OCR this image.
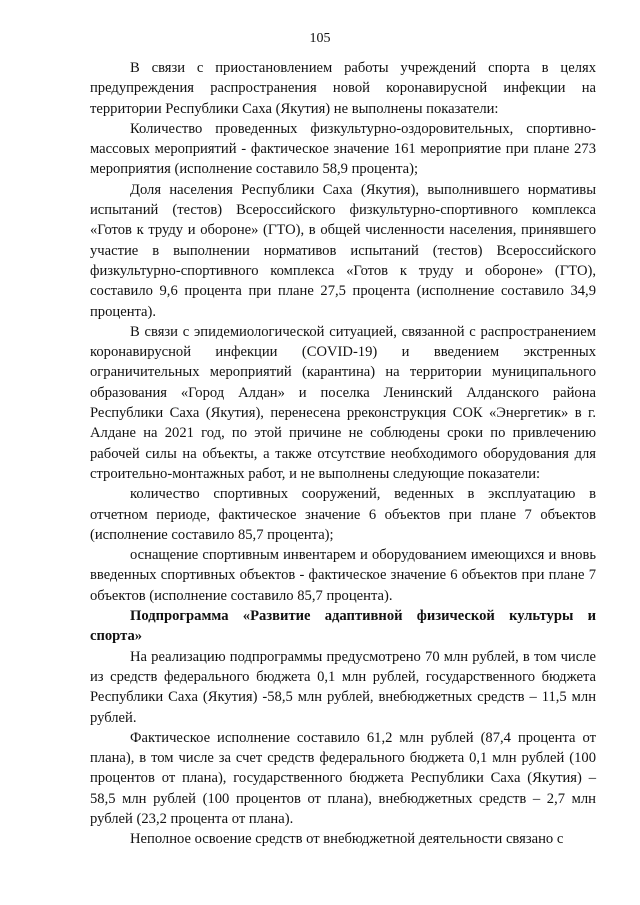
105

В связи с приостановлением работы учреждений спорта в целях предупреждения распространения новой коронавирусной инфекции на территории Республики Саха (Якутия) не выполнены показатели:

Количество проведенных физкультурно-оздоровительных, спортивно-массовых мероприятий - фактическое значение 161 мероприятие при плане 273 мероприятия (исполнение составило 58,9 процента);

Доля населения Республики Саха (Якутия), выполнившего нормативы испытаний (тестов) Всероссийского физкультурно-спортивного комплекса «Готов к труду и обороне» (ГТО), в общей численности населения, принявшего участие в выполнении нормативов испытаний (тестов) Всероссийского физкультурно-спортивного комплекса «Готов к труду и обороне» (ГТО), составило 9,6 процента при плане 27,5 процента (исполнение составило 34,9 процента).

В связи с эпидемиологической ситуацией, связанной с распространением коронавирусной инфекции (COVID-19) и введением экстренных ограничительных мероприятий (карантина) на территории муниципального образования «Город Алдан» и поселка Ленинский Алданского района Республики Саха (Якутия), перенесена рреконструкция СОК «Энергетик» в г. Алдане на 2021 год, по этой причине не соблюдены сроки по привлечению рабочей силы на объекты, а также отсутствие необходимого оборудования для строительно-монтажных работ, и не выполнены следующие показатели:

количество спортивных сооружений, веденных в эксплуатацию в отчетном периоде, фактическое значение 6 объектов при плане 7 объектов (исполнение составило 85,7 процента);

оснащение спортивным инвентарем и оборудованием имеющихся и вновь введенных спортивных объектов - фактическое значение 6 объектов при плане 7 объектов (исполнение составило 85,7 процента).

Подпрограмма «Развитие адаптивной физической культуры и спорта»

На реализацию подпрограммы предусмотрено 70 млн рублей, в том числе из средств федерального бюджета 0,1 млн рублей, государственного бюджета Республики Саха (Якутия) -58,5 млн рублей, внебюджетных средств – 11,5 млн рублей.

Фактическое исполнение составило 61,2 млн рублей (87,4 процента от плана), в том числе за счет средств федерального бюджета 0,1 млн рублей (100 процентов от плана), государственного бюджета Республики Саха (Якутия) – 58,5 млн рублей (100 процентов от плана), внебюджетных средств – 2,7 млн рублей (23,2 процента от плана).

Неполное освоение средств от внебюджетной деятельности связано с
